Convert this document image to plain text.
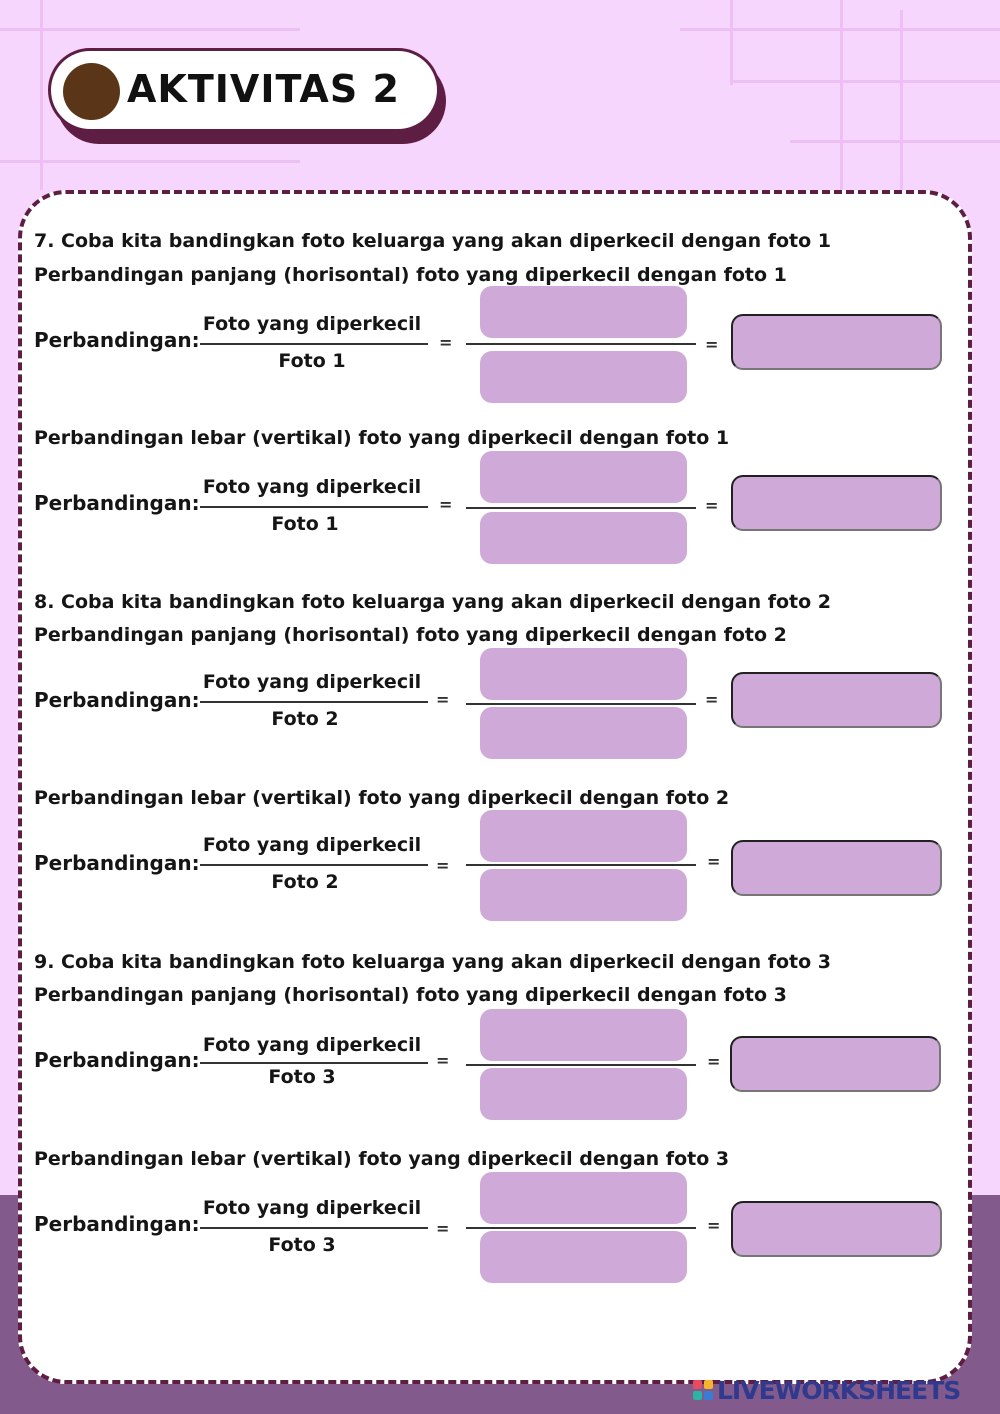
AKTIVITAS 2
7. Coba kita bandingkan foto keluarga yang akan diperkecil dengan foto 1
Perbandingan panjang (horisontal) foto yang diperkecil dengan foto 1
Perbandingan:
Foto yang diperkecil
Foto 1
=	=
Perbandingan lebar (vertikal) foto yang diperkecil dengan foto 1
Perbandingan:
Foto yang diperkecil
Foto 1
=	=
8. Coba kita bandingkan foto keluarga yang akan diperkecil dengan foto 2
Perbandingan panjang (horisontal) foto yang diperkecil dengan foto 2
Perbandingan:
Foto yang diperkecil
Foto 2
=	=
Perbandingan lebar (vertikal) foto yang diperkecil dengan foto 2
Perbandingan:
Foto yang diperkecil
Foto 2
=	=
9. Coba kita bandingkan foto keluarga yang akan diperkecil dengan foto 3
Perbandingan panjang (horisontal) foto yang diperkecil dengan foto 3
Perbandingan:
Foto yang diperkecil
Foto 3
=	=
Perbandingan lebar (vertikal) foto yang diperkecil dengan foto 3
Perbandingan:
Foto yang diperkecil
Foto 3
=	=
LIVEWORKSHEETS
